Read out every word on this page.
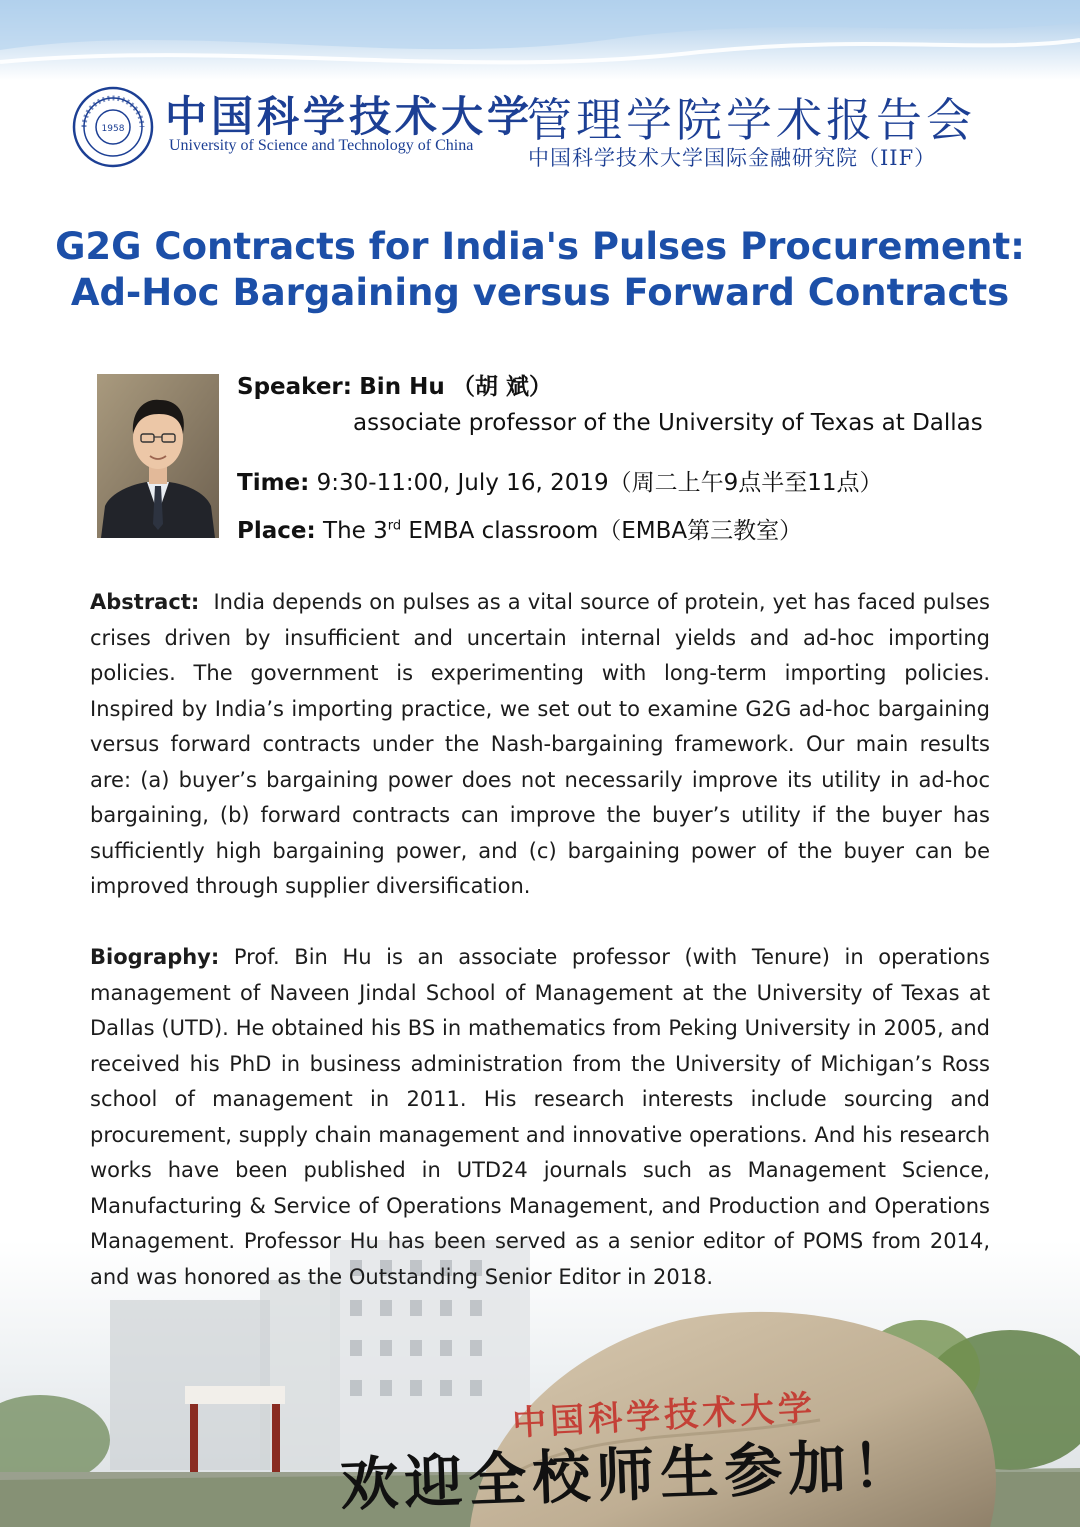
1958 中国科学技术大学
University of Science and Technology of China 管理学院学术报告会
中国科学技术大学国际金融研究院（IIF）
G2G Contracts for India's Pulses Procurement:
Ad-Hoc Bargaining versus Forward Contracts
Speaker: Bin Hu （胡 斌）
associate professor of the University of Texas at Dallas
Time: 9:30-11:00, July 16, 2019（周二上午9点半至11点）
Place: The 3rd EMBA classroom（EMBA第三教室）
Abstract: India depends on pulses as a vital source of protein, yet has faced pulses crises driven by insufficient and uncertain internal yields and ad-hoc importing policies. The government is experimenting with long-term importing policies. Inspired by India’s importing practice, we set out to examine G2G ad-hoc bargaining versus forward contracts under the Nash-bargaining framework. Our main results are: (a) buyer’s bargaining power does not necessarily improve its utility in ad-hoc bargaining, (b) forward contracts can improve the buyer’s utility if the buyer has sufficiently high bargaining power, and (c) bargaining power of the buyer can be improved through supplier diversification.
Biography: Prof. Bin Hu is an associate professor (with Tenure) in operations management of Naveen Jindal School of Management at the University of Texas at Dallas (UTD). He obtained his BS in mathematics from Peking University in 2005, and received his PhD in business administration from the University of Michigan’s Ross school of management in 2011. His research interests include sourcing and procurement, supply chain management and innovative operations. And his research works have been published in UTD24 journals such as Management Science, Manufacturing & Service of Operations Management, and Production and Operations Management. Professor Hu has been served as a senior editor of POMS from 2014, and was honored as the Outstanding Senior Editor in 2018.
中国科学技术大学
欢迎全校师生参加！
